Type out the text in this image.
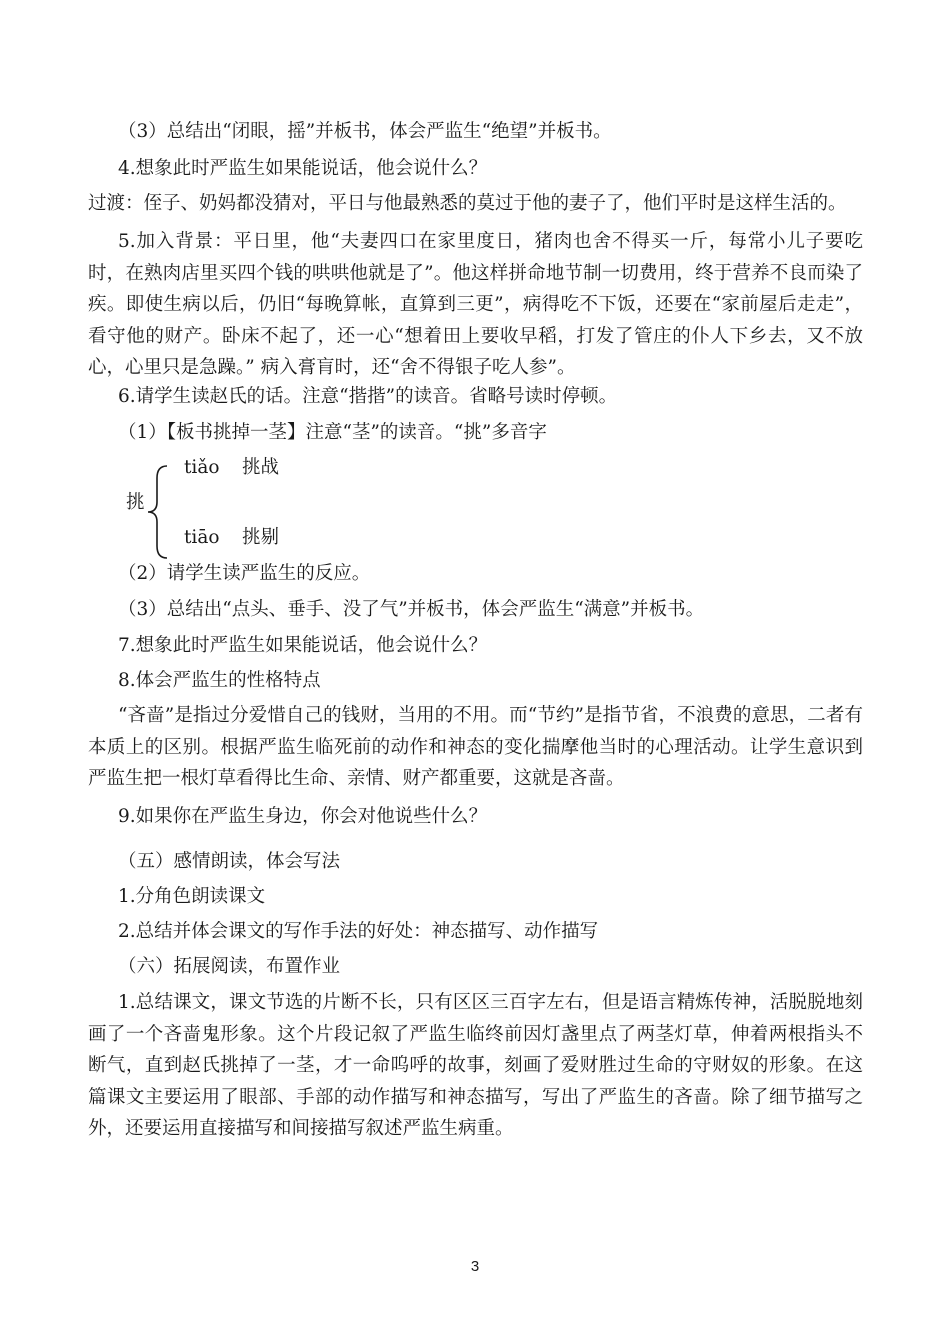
（3）总结出“闭眼，摇”并板书，体会严监生“绝望”并板书。
4.想象此时严监生如果能说话，他会说什么？
过渡：侄子、奶妈都没猜对，平日与他最熟悉的莫过于他的妻子了，他们平时是这样生活的。
5.加入背景：平日里，他“夫妻四口在家里度日，猪肉也舍不得买一斤，每常小儿子要吃时，在熟肉店里买四个钱的哄哄他就是了”。他这样拼命地节制一切费用，终于营养不良而染了疾。即使生病以后，仍旧“每晚算帐，直算到三更”，病得吃不下饭，还要在“家前屋后走走”，看守他的财产。卧床不起了，还一心“想着田上要收早稻，打发了管庄的仆人下乡去，又不放心，心里只是急躁。” 病入膏肓时，还“舍不得银子吃人参”。
6.请学生读赵氏的话。注意“揩揩”的读音。省略号读时停顿。
（1）【板书挑掉一茎】注意“茎”的读音。“挑”多音字
挑
tiǎo 挑战
tiāo 挑剔
（2）请学生读严监生的反应。
（3）总结出“点头、垂手、没了气”并板书，体会严监生“满意”并板书。
7.想象此时严监生如果能说话，他会说什么？
8.体会严监生的性格特点
“吝啬”是指过分爱惜自己的钱财，当用的不用。而“节约”是指节省，不浪费的意思，二者有本质上的区别。根据严监生临死前的动作和神态的变化揣摩他当时的心理活动。让学生意识到严监生把一根灯草看得比生命、亲情、财产都重要，这就是吝啬。
9.如果你在严监生身边，你会对他说些什么？
（五）感情朗读，体会写法
1.分角色朗读课文
2.总结并体会课文的写作手法的好处：神态描写、动作描写
（六）拓展阅读，布置作业
1.总结课文，课文节选的片断不长，只有区区三百字左右，但是语言精炼传神，活脱脱地刻画了一个吝啬鬼形象。这个片段记叙了严监生临终前因灯盏里点了两茎灯草，伸着两根指头不断气，直到赵氏挑掉了一茎，才一命呜呼的故事，刻画了爱财胜过生命的守财奴的形象。在这篇课文主要运用了眼部、手部的动作描写和神态描写，写出了严监生的吝啬。除了细节描写之外，还要运用直接描写和间接描写叙述严监生病重。
3
